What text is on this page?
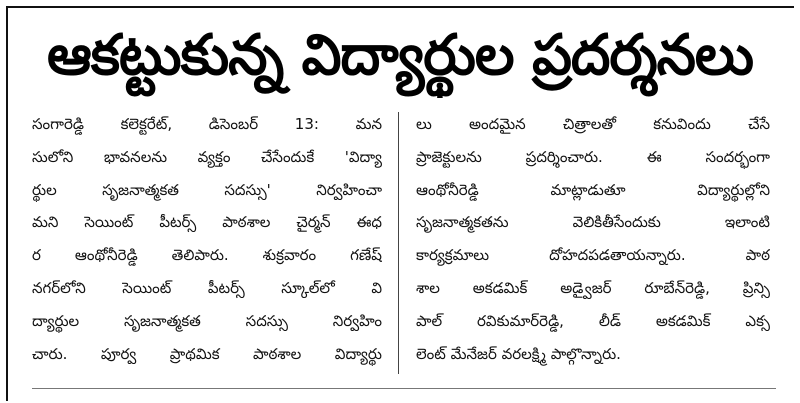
ఆకట్టుకున్న విద్యార్థుల ప్రదర్శనలు
సంగారెడ్డి కలెక్టరేట్, డిసెంబర్ 13: మన
సులోని భావనలను వ్యక్తం చేసేందుకే 'విద్యా
ర్థుల సృజనాత్మకత సదస్సు' నిర్వహించా
మని సెయింట్ పీటర్స్ పాఠశాల చైర్మన్ ఈధ
ర ఆంథోనీరెడ్డి తెలిపారు. శుక్రవారం గణేష్
నగర్‌లోని సెయింట్ పీటర్స్ స్కూల్‌లో వి
ద్యార్థుల సృజనాత్మకత సదస్సు నిర్వహిం
చారు. పూర్వ ప్రాథమిక పాఠశాల విద్యార్థు
లు అందమైన చిత్రాలతో కనువిందు చేసే
ప్రాజెక్టులను ప్రదర్శించారు. ఈ సందర్భంగా
ఆంథోనీరెడ్డి మాట్లాడుతూ విద్యార్థుల్లోని
సృజనాత్మకతను వెలికితీసేందుకు ఇలాంటి
కార్యక్రమాలు దోహదపడతాయన్నారు. పాఠ
శాల అకడమిక్ అడ్వైజర్ రూబేన్‌రెడ్డి, ప్రిన్సి
పాల్ రవికుమార్‌రెడ్డి, లీడ్ అకడమిక్ ఎక్స
లెంట్ మేనేజర్ వరలక్ష్మి పాల్గొన్నారు.
